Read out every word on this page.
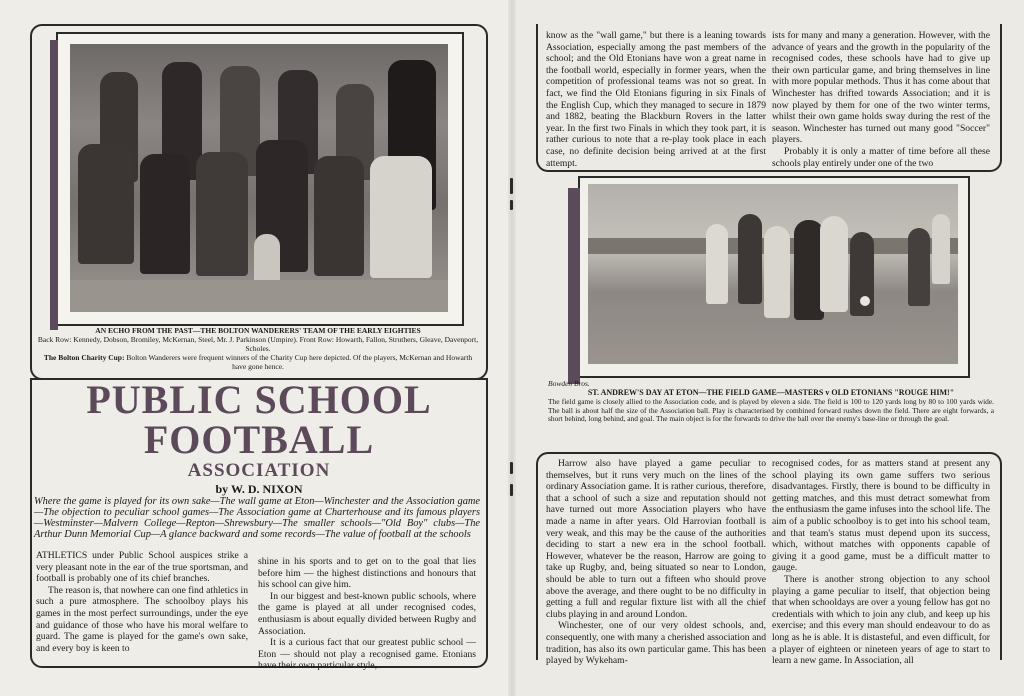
AN ECHO FROM THE PAST—THE BOLTON WANDERERS' TEAM OF THE EARLY EIGHTIES
Back Row: Kennedy, Dobson, Bromiley, McKernan, Steel, Mr. J. Parkinson (Umpire). Front Row: Howarth, Fallon, Struthers, Gleave, Davenport, Scholes.
The Bolton Charity Cup: Bolton Wanderers were frequent winners of the Charity Cup here depicted. Of the players, McKernan and Howarth have gone hence.
PUBLIC SCHOOL
FOOTBALL
ASSOCIATION
by W. D. NIXON
Where the game is played for its own sake—The wall game at Eton—Winchester and the Association game—The objection to peculiar school games—The Association game at Charterhouse and its famous players—Westminster—Malvern College—Repton—Shrewsbury—The smaller schools—"Old Boy" clubs—The Arthur Dunn Memorial Cup—A glance backward and some records—The value of football at the schools

ATHLETICS under Public School auspices strike a very pleasant note in the ear of the true sportsman, and football is probably one of its chief branches.

The reason is, that nowhere can one find athletics in such a pure atmosphere. The schoolboy plays his games in the most perfect surroundings, under the eye and guidance of those who have his moral welfare to guard. The game is played for the game's own sake, and every boy is keen to

shine in his sports and to get on to the goal that lies before him — the highest distinctions and honours that his school can give him.

In our biggest and best-known public schools, where the game is played at all under recognised codes, enthusiasm is about equally divided between Rugby and Association.

It is a curious fact that our greatest public school — Eton — should not play a recognised game. Etonians have their own particular style,

know as the "wall game," but there is a leaning towards Association, especially among the past members of the school; and the Old Etonians have won a great name in the football world, especially in former years, when the competition of professional teams was not so great. In fact, we find the Old Etonians figuring in six Finals of the English Cup, which they managed to secure in 1879 and 1882, beating the Blackburn Rovers in the latter year. In the first two Finals in which they took part, it is rather curious to note that a re-play took place in each case, no definite decision being arrived at at the first attempt.

ists for many and many a generation. However, with the advance of years and the growth in the popularity of the recognised codes, these schools have had to give up their own particular game, and bring themselves in line with more popular methods. Thus it has come about that Winchester has drifted towards Association; and it is now played by them for one of the two winter terms, whilst their own game holds sway during the rest of the season. Winchester has turned out many good "Soccer" players.

Probably it is only a matter of time before all these schools play entirely under one of the two

Bowden Bros.
ST. ANDREW'S DAY AT ETON—THE FIELD GAME—MASTERS v OLD ETONIANS "ROUGE HIM!"
The field game is closely allied to the Association code, and is played by eleven a side. The field is 100 to 120 yards long by 80 to 100 yards wide. The ball is about half the size of the Association ball. Play is characterised by combined forward rushes down the field. There are eight forwards, a short behind, long behind, and goal. The main object is for the forwards to drive the ball over the enemy's base-line or through the goal.

Harrow also have played a game peculiar to themselves, but it runs very much on the lines of the ordinary Association game. It is rather curious, therefore, that a school of such a size and reputation should not have turned out more Association players who have made a name in after years. Old Harrovian football is very weak, and this may be the cause of the authorities deciding to start a new era in the school football. However, whatever be the reason, Harrow are going to take up Rugby, and, being situated so near to London, should be able to turn out a fifteen who should prove above the average, and there ought to be no difficulty in getting a full and regular fixture list with all the chief clubs playing in and around London.

Winchester, one of our very oldest schools, and, consequently, one with many a cherished association and tradition, has also its own particular game. This has been played by Wykeham-

recognised codes, for as matters stand at present any school playing its own game suffers two serious disadvantages. Firstly, there is bound to be difficulty in getting matches, and this must detract somewhat from the enthusiasm the game infuses into the school life. The aim of a public schoolboy is to get into his school team, and that team's status must depend upon its success, which, without matches with opponents capable of giving it a good game, must be a difficult matter to gauge.

There is another strong objection to any school playing a game peculiar to itself, that objection being that when schooldays are over a young fellow has got no credentials with which to join any club, and keep up his exercise; and this every man should endeavour to do as long as he is able. It is distasteful, and even difficult, for a player of eighteen or nineteen years of age to start to learn a new game. In Association, all
